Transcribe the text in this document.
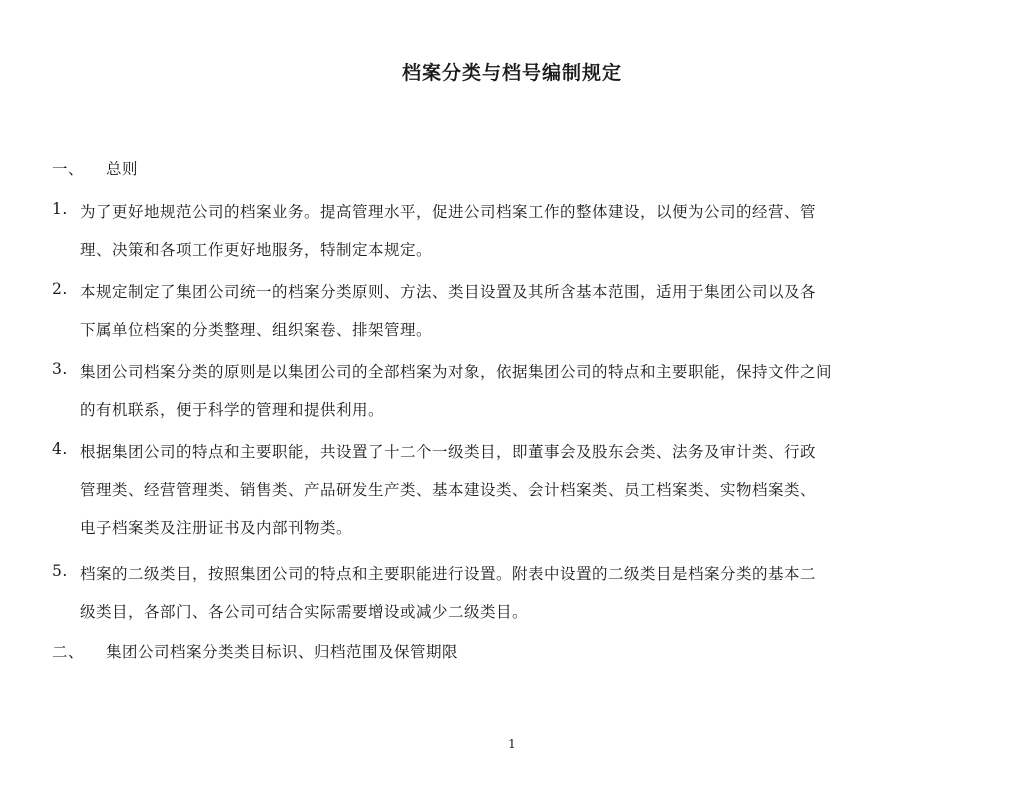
档案分类与档号编制规定
一、 总则
1. 为了更好地规范公司的档案业务。提高管理水平，促进公司档案工作的整体建设，以便为公司的经营、管
理、决策和各项工作更好地服务，特制定本规定。
2. 本规定制定了集团公司统一的档案分类原则、方法、类目设置及其所含基本范围，适用于集团公司以及各
下属单位档案的分类整理、组织案卷、排架管理。
3. 集团公司档案分类的原则是以集团公司的全部档案为对象，依据集团公司的特点和主要职能，保持文件之间
的有机联系，便于科学的管理和提供利用。
4. 根据集团公司的特点和主要职能，共设置了十二个一级类目，即董事会及股东会类、法务及审计类、行政
管理类、经营管理类、销售类、产品研发生产类、基本建设类、会计档案类、员工档案类、实物档案类、
电子档案类及注册证书及内部刊物类。
5. 档案的二级类目，按照集团公司的特点和主要职能进行设置。附表中设置的二级类目是档案分类的基本二
级类目，各部门、各公司可结合实际需要增设或减少二级类目。
二、 集团公司档案分类类目标识、归档范围及保管期限
1
